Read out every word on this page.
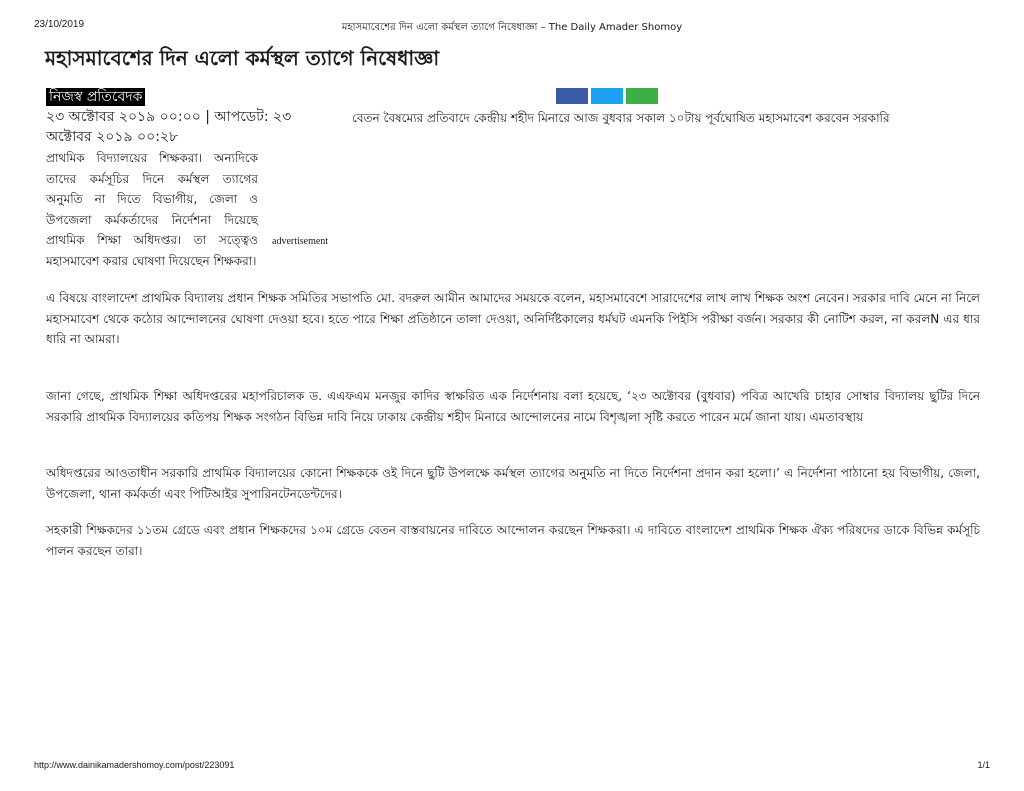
23/10/2019	মহাসমাবেশের দিন এলো কর্মস্থল ত্যাগে নিষেধাজ্ঞা – The Daily Amader Shomoy
মহাসমাবেশের দিন এলো কর্মস্থল ত্যাগে নিষেধাজ্ঞা
নিজস্ব প্রতিবেদক
২৩ অক্টোবর ২০১৯ ০০:০০ | আপডেট: ২৩ অক্টোবর ২০১৯ ০০:২৮
বেতন বৈষম্যের প্রতিবাদে কেন্দ্রীয় শহীদ মিনারে আজ বুধবার সকাল ১০টায় পূর্বঘোষিত মহাসমাবেশ করবেন সরকারি
প্রাথমিক বিদ্যালয়ের শিক্ষকরা। অন্যদিকে তাদের কর্মসূচির দিনে কর্মস্থল ত্যাগের অনুমতি না দিতে বিভাগীয়, জেলা ও উপজেলা কর্মকর্তাদের নির্দেশনা দিয়েছে প্রাথমিক শিক্ষা অধিদপ্তর। তা সত্ত্বেও মহাসমাবেশ করার ঘোষণা দিয়েছেন শিক্ষকরা।
advertisement
এ বিষয়ে বাংলাদেশ প্রাথমিক বিদ্যালয় প্রধান শিক্ষক সমিতির সভাপতি মো. বদরুল আমীন আমাদের সময়কে বলেন, মহাসমাবেশে সারাদেশের লাখ লাখ শিক্ষক অংশ নেবেন। সরকার দাবি মেনে না নিলে মহাসমাবেশ থেকে কঠোর আন্দোলনের ঘোষণা দেওয়া হবে। হতে পারে শিক্ষা প্রতিষ্ঠানে তালা দেওয়া, অনির্দিষ্টকালের ধর্মঘট এমনকি পিইসি পরীক্ষা বর্জন। সরকার কী নোটিশ করল, না করলΝ এর ধার ধারি না আমরা।
জানা গেছে, প্রাথমিক শিক্ষা অধিদপ্তরের মহাপরিচালক ড. এএফএম মনজুর কাদির স্বাক্ষরিত এক নির্দেশনায় বলা হয়েছে, ‘২৩ অক্টোবর (বুধবার) পবিত্র আখেরি চাহার সোম্বার বিদ্যালয় ছুটির দিনে সরকারি প্রাথমিক বিদ্যালয়ের কতিপয় শিক্ষক সংগঠন বিভিন্ন দাবি নিয়ে ঢাকায় কেন্দ্রীয় শহীদ মিনারে আন্দোলনের নামে বিশৃঙ্খলা সৃষ্টি করতে পারেন মর্মে জানা যায়। এমতাবস্থায়
অধিদপ্তরের আওতাধীন সরকারি প্রাথমিক বিদ্যালয়ের কোনো শিক্ষককে ওই দিনে ছুটি উপলক্ষে কর্মস্থল ত্যাগের অনুমতি না দিতে নির্দেশনা প্রদান করা হলো।’ এ নির্দেশনা পাঠানো হয় বিভাগীয়, জেলা, উপজেলা, থানা কর্মকর্তা এবং পিটিআইর সুপারিনটেনডেন্টদের।
সহকারী শিক্ষকদের ১১তম গ্রেডে এবং প্রধান শিক্ষকদের ১০ম গ্রেডে বেতন বাস্তবায়নের দাবিতে আন্দোলন করছেন শিক্ষকরা। এ দাবিতে বাংলাদেশ প্রাথমিক শিক্ষক ঐক্য পরিষদের ডাকে বিভিন্ন কর্মসূচি পালন করছেন তারা।
http://www.dainikamadershomoy.com/post/223091	1/1
